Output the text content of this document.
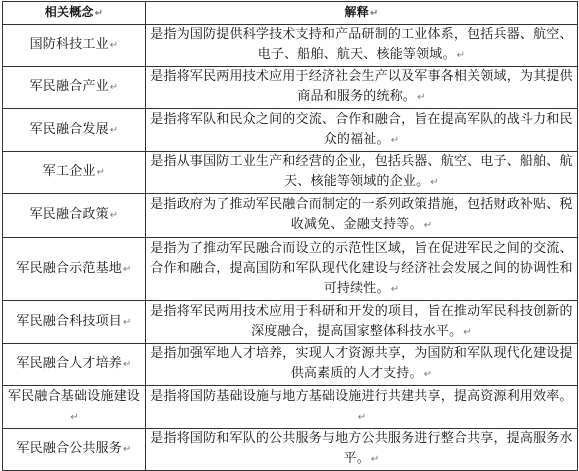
相关概念↵	解释↵
国防科技工业↵	是指为国防提供科学技术支持和产品研制的工业体系，包括兵器、航空、电子、船舶、航天、核能等领域。↵
军民融合产业↵	是指将军民两用技术应用于经济社会生产以及军事各相关领域，为其提供商品和服务的统称。↵
军民融合发展↵	是指将军队和民众之间的交流、合作和融合，旨在提高军队的战斗力和民众的福祉。↵
军工企业↵	是指从事国防工业生产和经营的企业，包括兵器、航空、电子、船舶、航天、核能等领域的企业。↵
军民融合政策↵	是指政府为了推动军民融合而制定的一系列政策措施，包括财政补贴、税收减免、金融支持等。↵
军民融合示范基地↵	是指为了推动军民融合而设立的示范性区域，旨在促进军民之间的交流、合作和融合，提高国防和军队现代化建设与经济社会发展之间的协调性和可持续性。↵
军民融合科技项目↵	是指将军民两用技术应用于科研和开发的项目，旨在推动军民科技创新的深度融合，提高国家整体科技水平。↵
军民融合人才培养↵	是指加强军地人才培养，实现人才资源共享，为国防和军队现代化建设提供高素质的人才支持。↵
军民融合基础设施建设↵	是指将国防基础设施与地方基础设施进行共建共享，提高资源利用效率。↵
军民融合公共服务↵	是指将国防和军队的公共服务与地方公共服务进行整合共享，提高服务水平。↵
